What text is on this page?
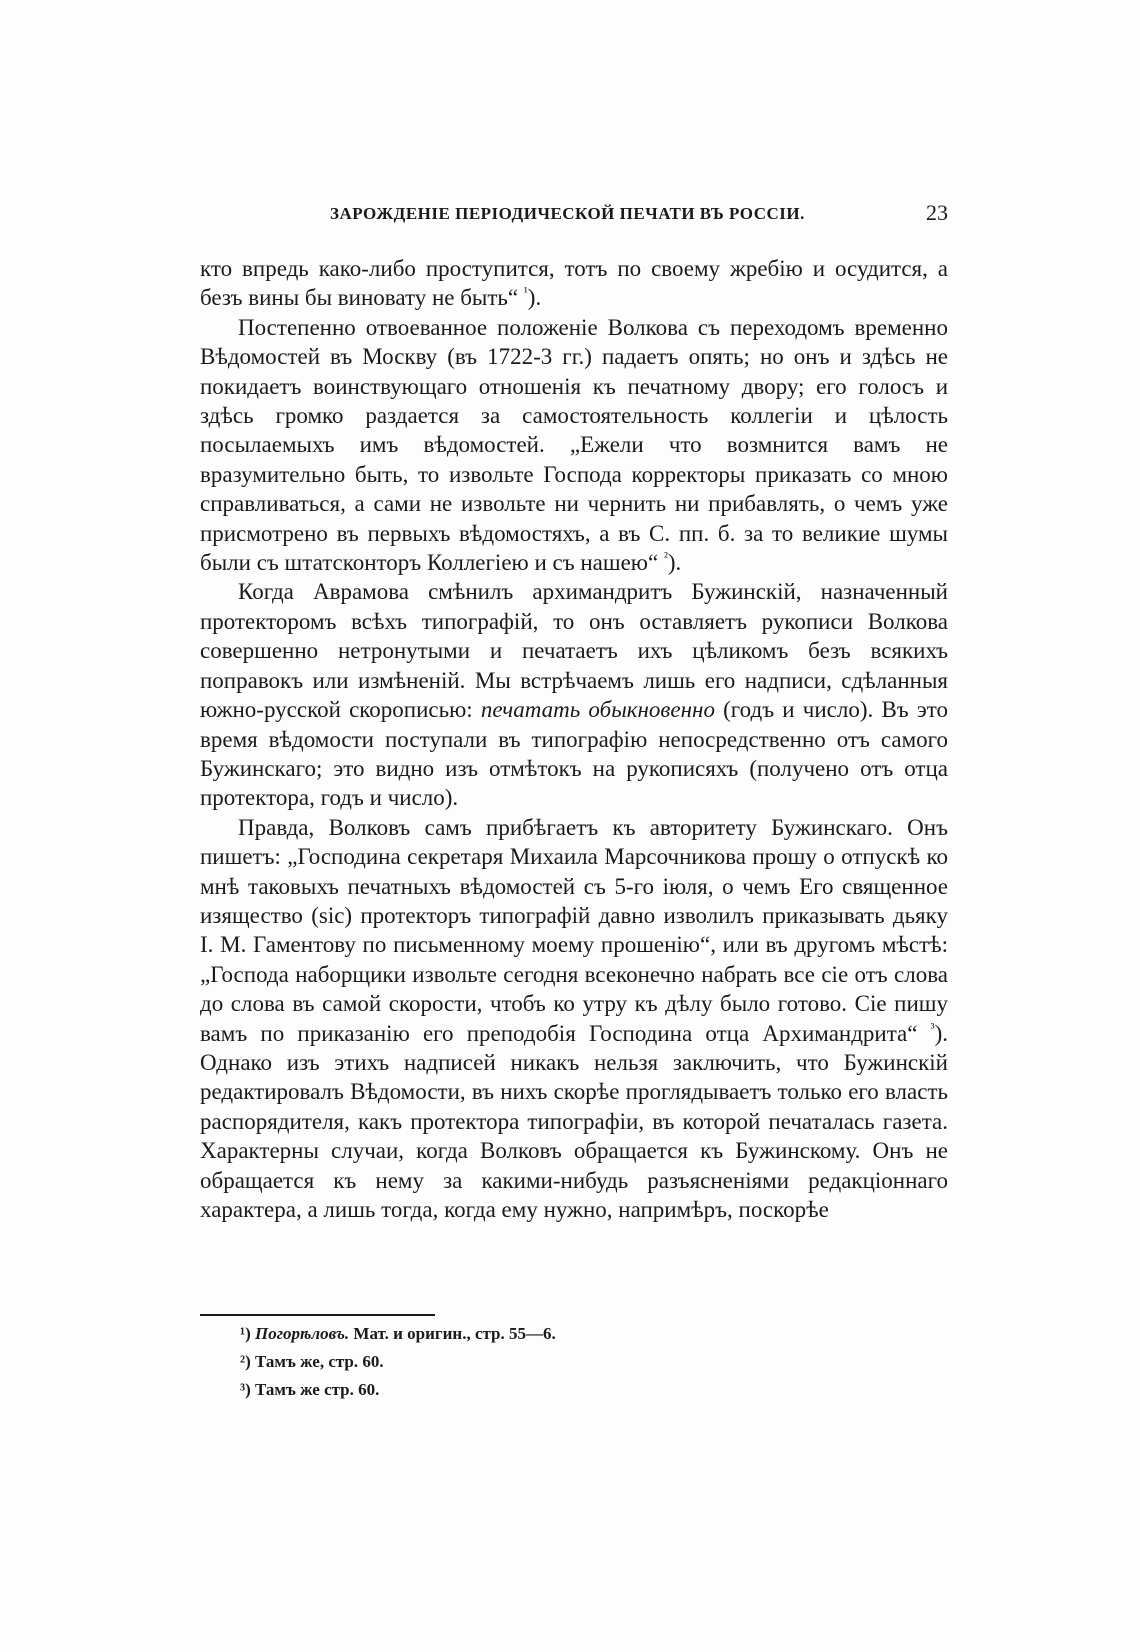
ЗАРОЖДЕНІЕ ПЕРІОДИЧЕСКОЙ ПЕЧАТИ ВЪ РОССІИ.	23

кто впредь како-либо проступится, тотъ по своему жребію и осудится, а безъ вины бы виновату не быть“ $^{^1}$).

Постепенно отвоеванное положеніе Волкова съ переходомъ временно Вѣдомостей въ Москву (въ 1722-3 гг.) падаетъ опять; но онъ и здѣсь не покидаетъ воинствующаго отношенія къ печатному двору; его голосъ и здѣсь громко раздается за самостоятельность коллегіи и цѣлость посылаемыхъ имъ вѣдомостей. „Ежели что возмнится вамъ не вразумительно быть, то извольте Господа корректоры приказать со мною справливаться, а сами не извольте ни чернить ни прибавлять, о чемъ уже присмотрено въ первыхъ вѣдомостяхъ, а въ С. пп. б. за то великие шумы были съ штатсконторъ Коллегіею и съ нашею“ $^{^2}$).

Когда Аврамова смѣнилъ архимандритъ Бужинскій, назначенный протекторомъ всѣхъ типографій, то онъ оставляетъ рукописи Волкова совершенно нетронутыми и печатаетъ ихъ цѣликомъ безъ всякихъ поправокъ или измѣненій. Мы встрѣчаемъ лишь его надписи, сдѣланныя южно-русской скорописью: печатать обыкновенно (годъ и число). Въ это время вѣдомости поступали въ типографію непосредственно отъ самого Бужинскаго; это видно изъ отмѣтокъ на рукописяхъ (получено отъ отца протектора, годъ и число).

Правда, Волковъ самъ прибѣгаетъ къ авторитету Бужинскаго. Онъ пишетъ: „Господина секретаря Михаила Марсочникова прошу о отпускѣ ко мнѣ таковыхъ печатныхъ вѣдомостей съ 5-го іюля, о чемъ Его священное изящество (sic) протекторъ типографій давно изволилъ приказывать дьяку І. М. Гаментову по письменному моему прошенію“, или въ другомъ мѣстѣ: „Господа наборщики извольте сегодня всеконечно набрать все сіе отъ слова до слова въ самой скорости, чтобъ ко утру къ дѣлу было готово. Сіе пишу вамъ по приказанію его преподобія Господина отца Архимандрита“ $^{^3}$). Однако изъ этихъ надписей никакъ нельзя заключить, что Бужинскій редактировалъ Вѣдомости, въ нихъ скорѣе проглядываетъ только его власть распорядителя, какъ протектора типографіи, въ которой печаталась газета. Характерны случаи, когда Волковъ обращается къ Бужинскому. Онъ не обращается къ нему за какими-нибудь разъясненіями редакціоннаго характера, а лишь тогда, когда ему нужно, напримѣръ, поскорѣе

¹) Погорѣловъ. Мат. и оригин., стр. 55—6.

²) Тамъ же, стр. 60.

³) Тамъ же стр. 60.
